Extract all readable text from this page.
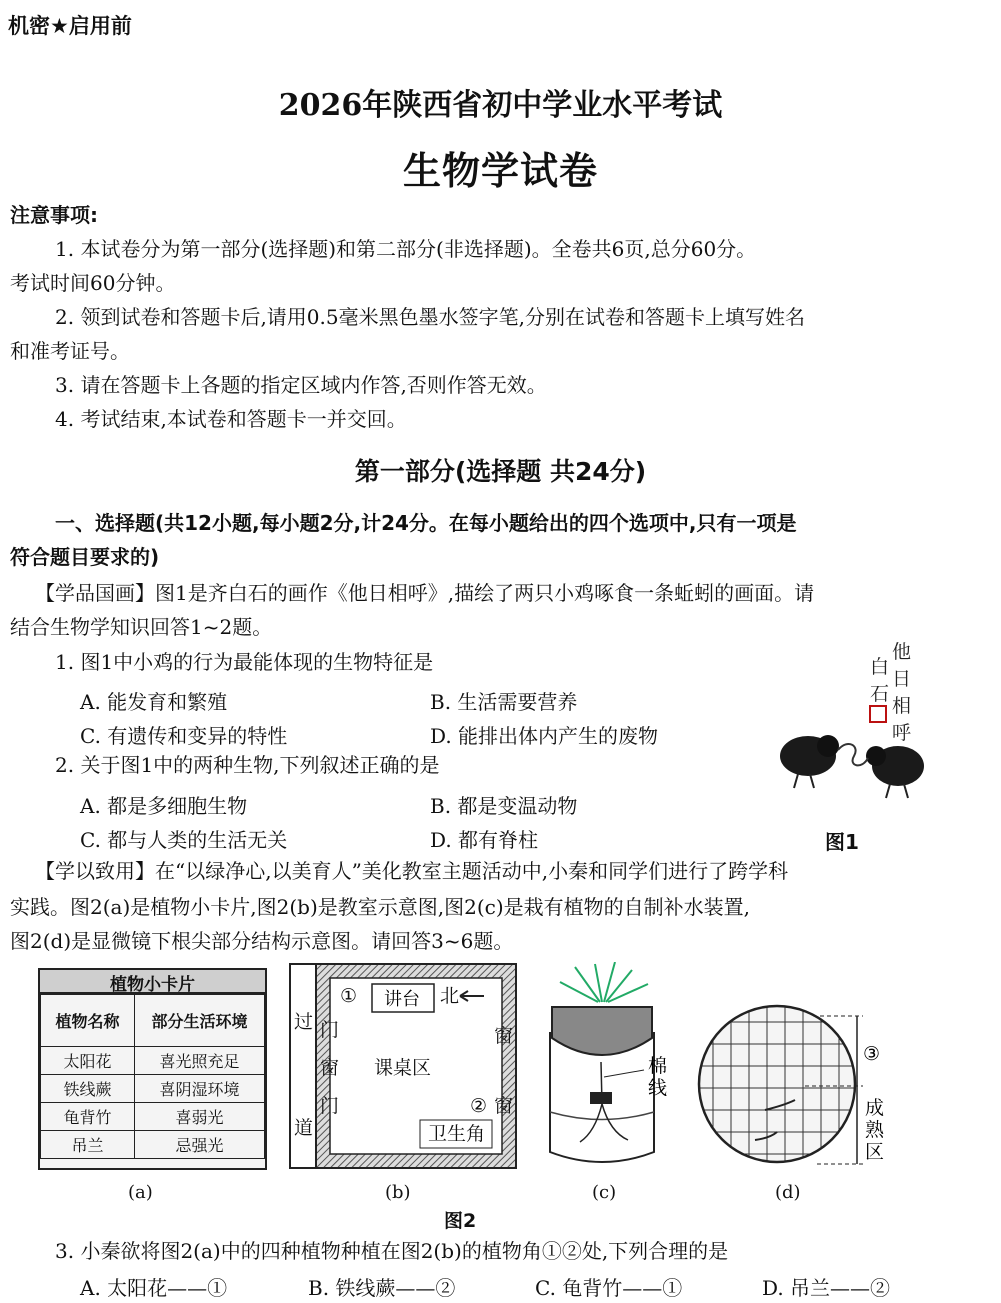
机密★启用前
2026年陕西省初中学业水平考试
生物学试卷
注意事项:
1. 本试卷分为第一部分(选择题)和第二部分(非选择题)。全卷共6页,总分60分。
考试时间60分钟。
2. 领到试卷和答题卡后,请用0.5毫米黑色墨水签字笔,分别在试卷和答题卡上填写姓名
和准考证号。
3. 请在答题卡上各题的指定区域内作答,否则作答无效。
4. 考试结束,本试卷和答题卡一并交回。
第一部分(选择题 共24分)
一、选择题(共12小题,每小题2分,计24分。在每小题给出的四个选项中,只有一项是
符合题目要求的)
【学品国画】图1是齐白石的画作《他日相呼》,描绘了两只小鸡啄食一条蚯蚓的画面。请
结合生物学知识回答1~2题。
1. 图1中小鸡的行为最能体现的生物特征是
A. 能发育和繁殖	B. 生活需要营养
C. 有遗传和变异的特性	D. 能排出体内产生的废物
2. 关于图1中的两种生物,下列叙述正确的是
A. 都是多细胞生物	B. 都是变温动物
C. 都与人类的生活无关	D. 都有脊柱
他
日
相
呼
白
石
图1
【学以致用】在“以绿净心,以美育人”美化教室主题活动中,小秦和同学们进行了跨学科
实践。图2(a)是植物小卡片,图2(b)是教室示意图,图2(c)是栽有植物的自制补水装置,
图2(d)是显微镜下根尖部分结构示意图。请回答3~6题。
植物小卡片
植物名称	部分生活环境
太阳花	喜光照充足
铁线蕨	喜阴湿环境
龟背竹	喜弱光
吊兰	忌强光
过
道
门
窗
门
窗
窗
课桌区
①
②
北
卫生角
讲台
棉
线
③
成
熟
区
(a)	(b)	(c)	(d)
图2
3. 小秦欲将图2(a)中的四种植物种植在图2(b)的植物角①②处,下列合理的是
A. 太阳花——①	B. 铁线蕨——②	C. 龟背竹——①	D. 吊兰——②
